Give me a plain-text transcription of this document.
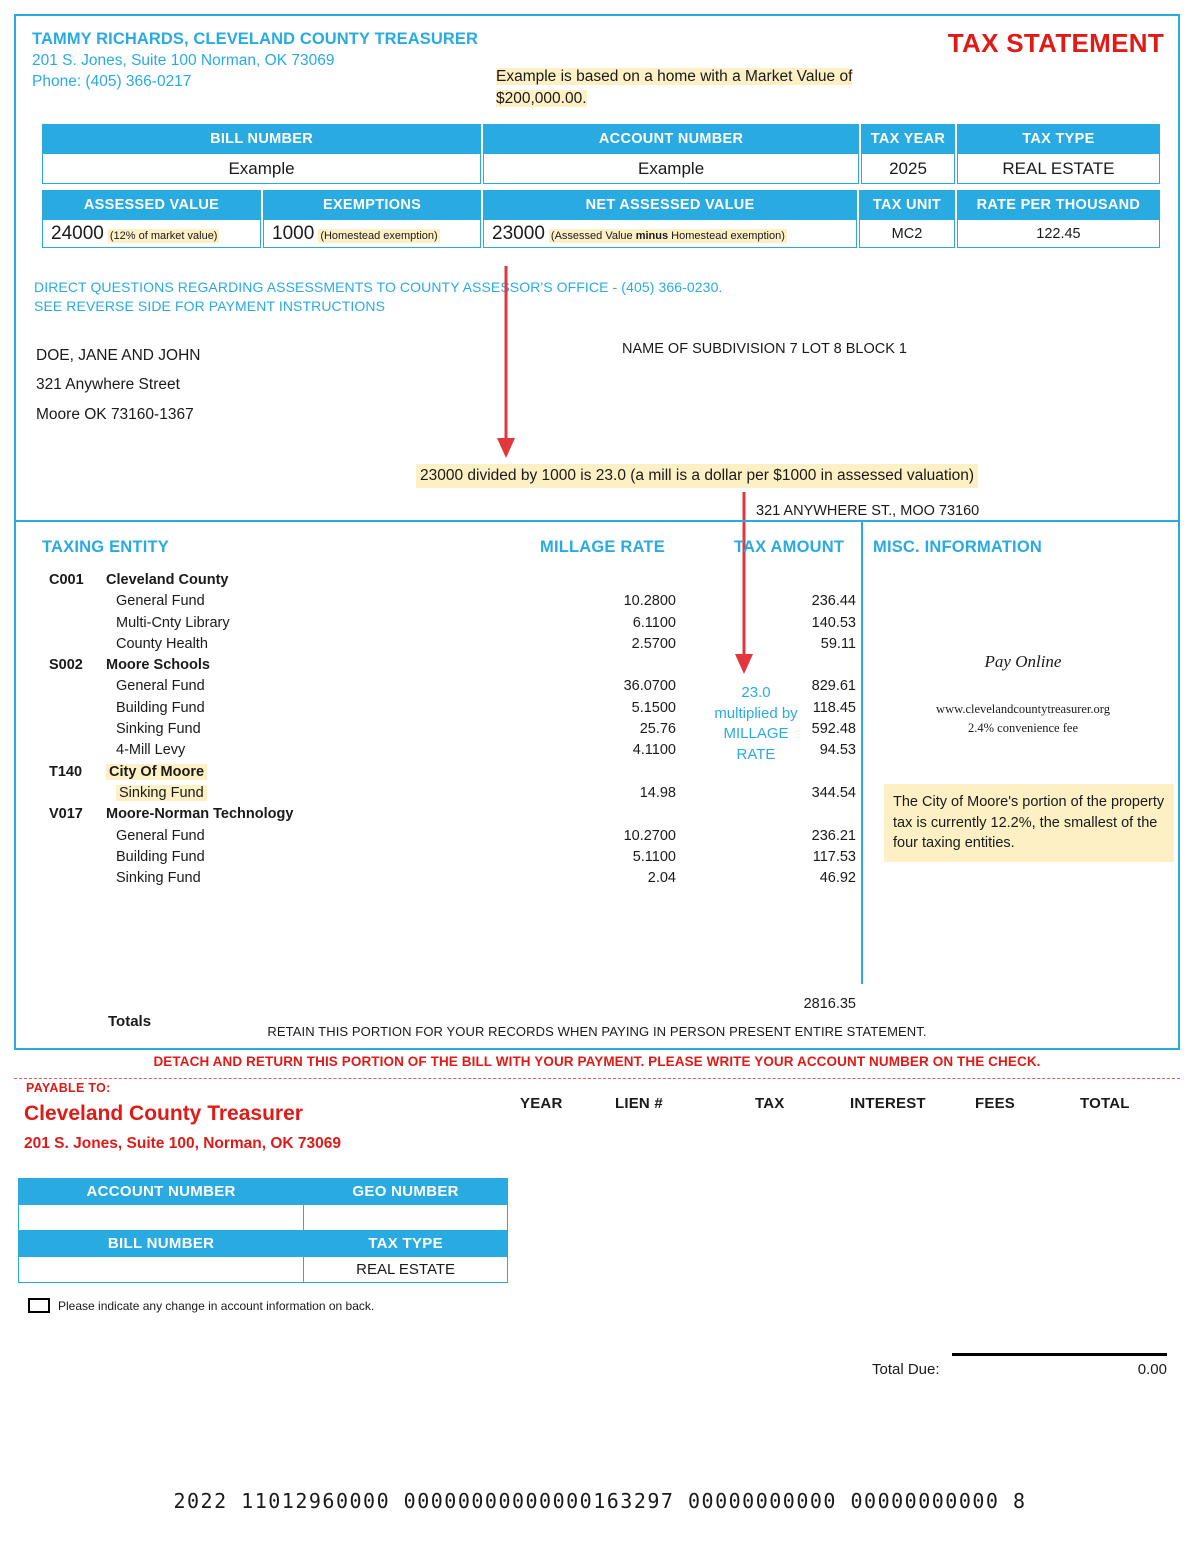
TAMMY RICHARDS, CLEVELAND COUNTY TREASURER
201 S. Jones, Suite 100 Norman, OK 73069
Phone: (405) 366-0217
TAX STATEMENT
Example is based on a home with a Market Value of $200,000.00.
BILL NUMBER		ACCOUNT NUMBER		TAX YEAR	TAX TYPE
Example		Example		2025	REAL ESTATE

ASSESSED VALUE	EXEMPTIONS	NET ASSESSED VALUE	TAX UNIT		RATE PER THOUSAND
24000 (12% of market value)	1000 (Homestead exemption)	23000 (Assessed Value minus Homestead exemption)	MC2		122.45
DIRECT QUESTIONS REGARDING ASSESSMENTS TO COUNTY ASSESSOR'S OFFICE - (405) 366-0230.
SEE REVERSE SIDE FOR PAYMENT INSTRUCTIONS
DOE, JANE AND JOHN
321 Anywhere Street
Moore OK 73160-1367
NAME OF SUBDIVISION 7 LOT 8 BLOCK 1
23000 divided by 1000 is 23.0 (a mill is a dollar per $1000 in assessed valuation)
321 ANYWHERE ST., MOO 73160
TAXING ENTITY	MILLAGE RATE	TAX AMOUNT MISC. INFORMATION
C001 Cleveland County
General Fund	10.2800	236.44
Multi-Cnty Library	6.1100	140.53
County Health	2.5700	59.11
S002 Moore Schools
General Fund	36.0700	829.61
Building Fund	5.1500	118.45
Sinking Fund	25.76	592.48
4-Mill Levy	4.1100	94.53
T140 City Of Moore
Sinking Fund	14.98	344.54
V017 Moore-Norman Technology
General Fund	10.2700	236.21
Building Fund	5.1100	117.53
Sinking Fund	2.04	46.92
23.0
multiplied by
MILLAGE
RATE
2816.35
Totals
Pay Online
www.clevelandcountytreasurer.org
2.4% convenience fee
The City of Moore's portion of the property tax is currently 12.2%, the smallest of the four taxing entities.
RETAIN THIS PORTION FOR YOUR RECORDS WHEN PAYING IN PERSON PRESENT ENTIRE STATEMENT.
DETACH AND RETURN THIS PORTION OF THE BILL WITH YOUR PAYMENT. PLEASE WRITE YOUR ACCOUNT NUMBER ON THE CHECK.
PAYABLE TO:
Cleveland County Treasurer
201 S. Jones, Suite 100, Norman, OK 73069
ACCOUNT NUMBER	GEO NUMBER

BILL NUMBER	TAX TYPE
	REAL ESTATE
Please indicate any change in account information on back.
YEAR	LIEN #	TAX	INTEREST	FEES	TOTAL
Total Due:	0.00
2022 11012960000 00000000000000163297 00000000000 00000000000 8
